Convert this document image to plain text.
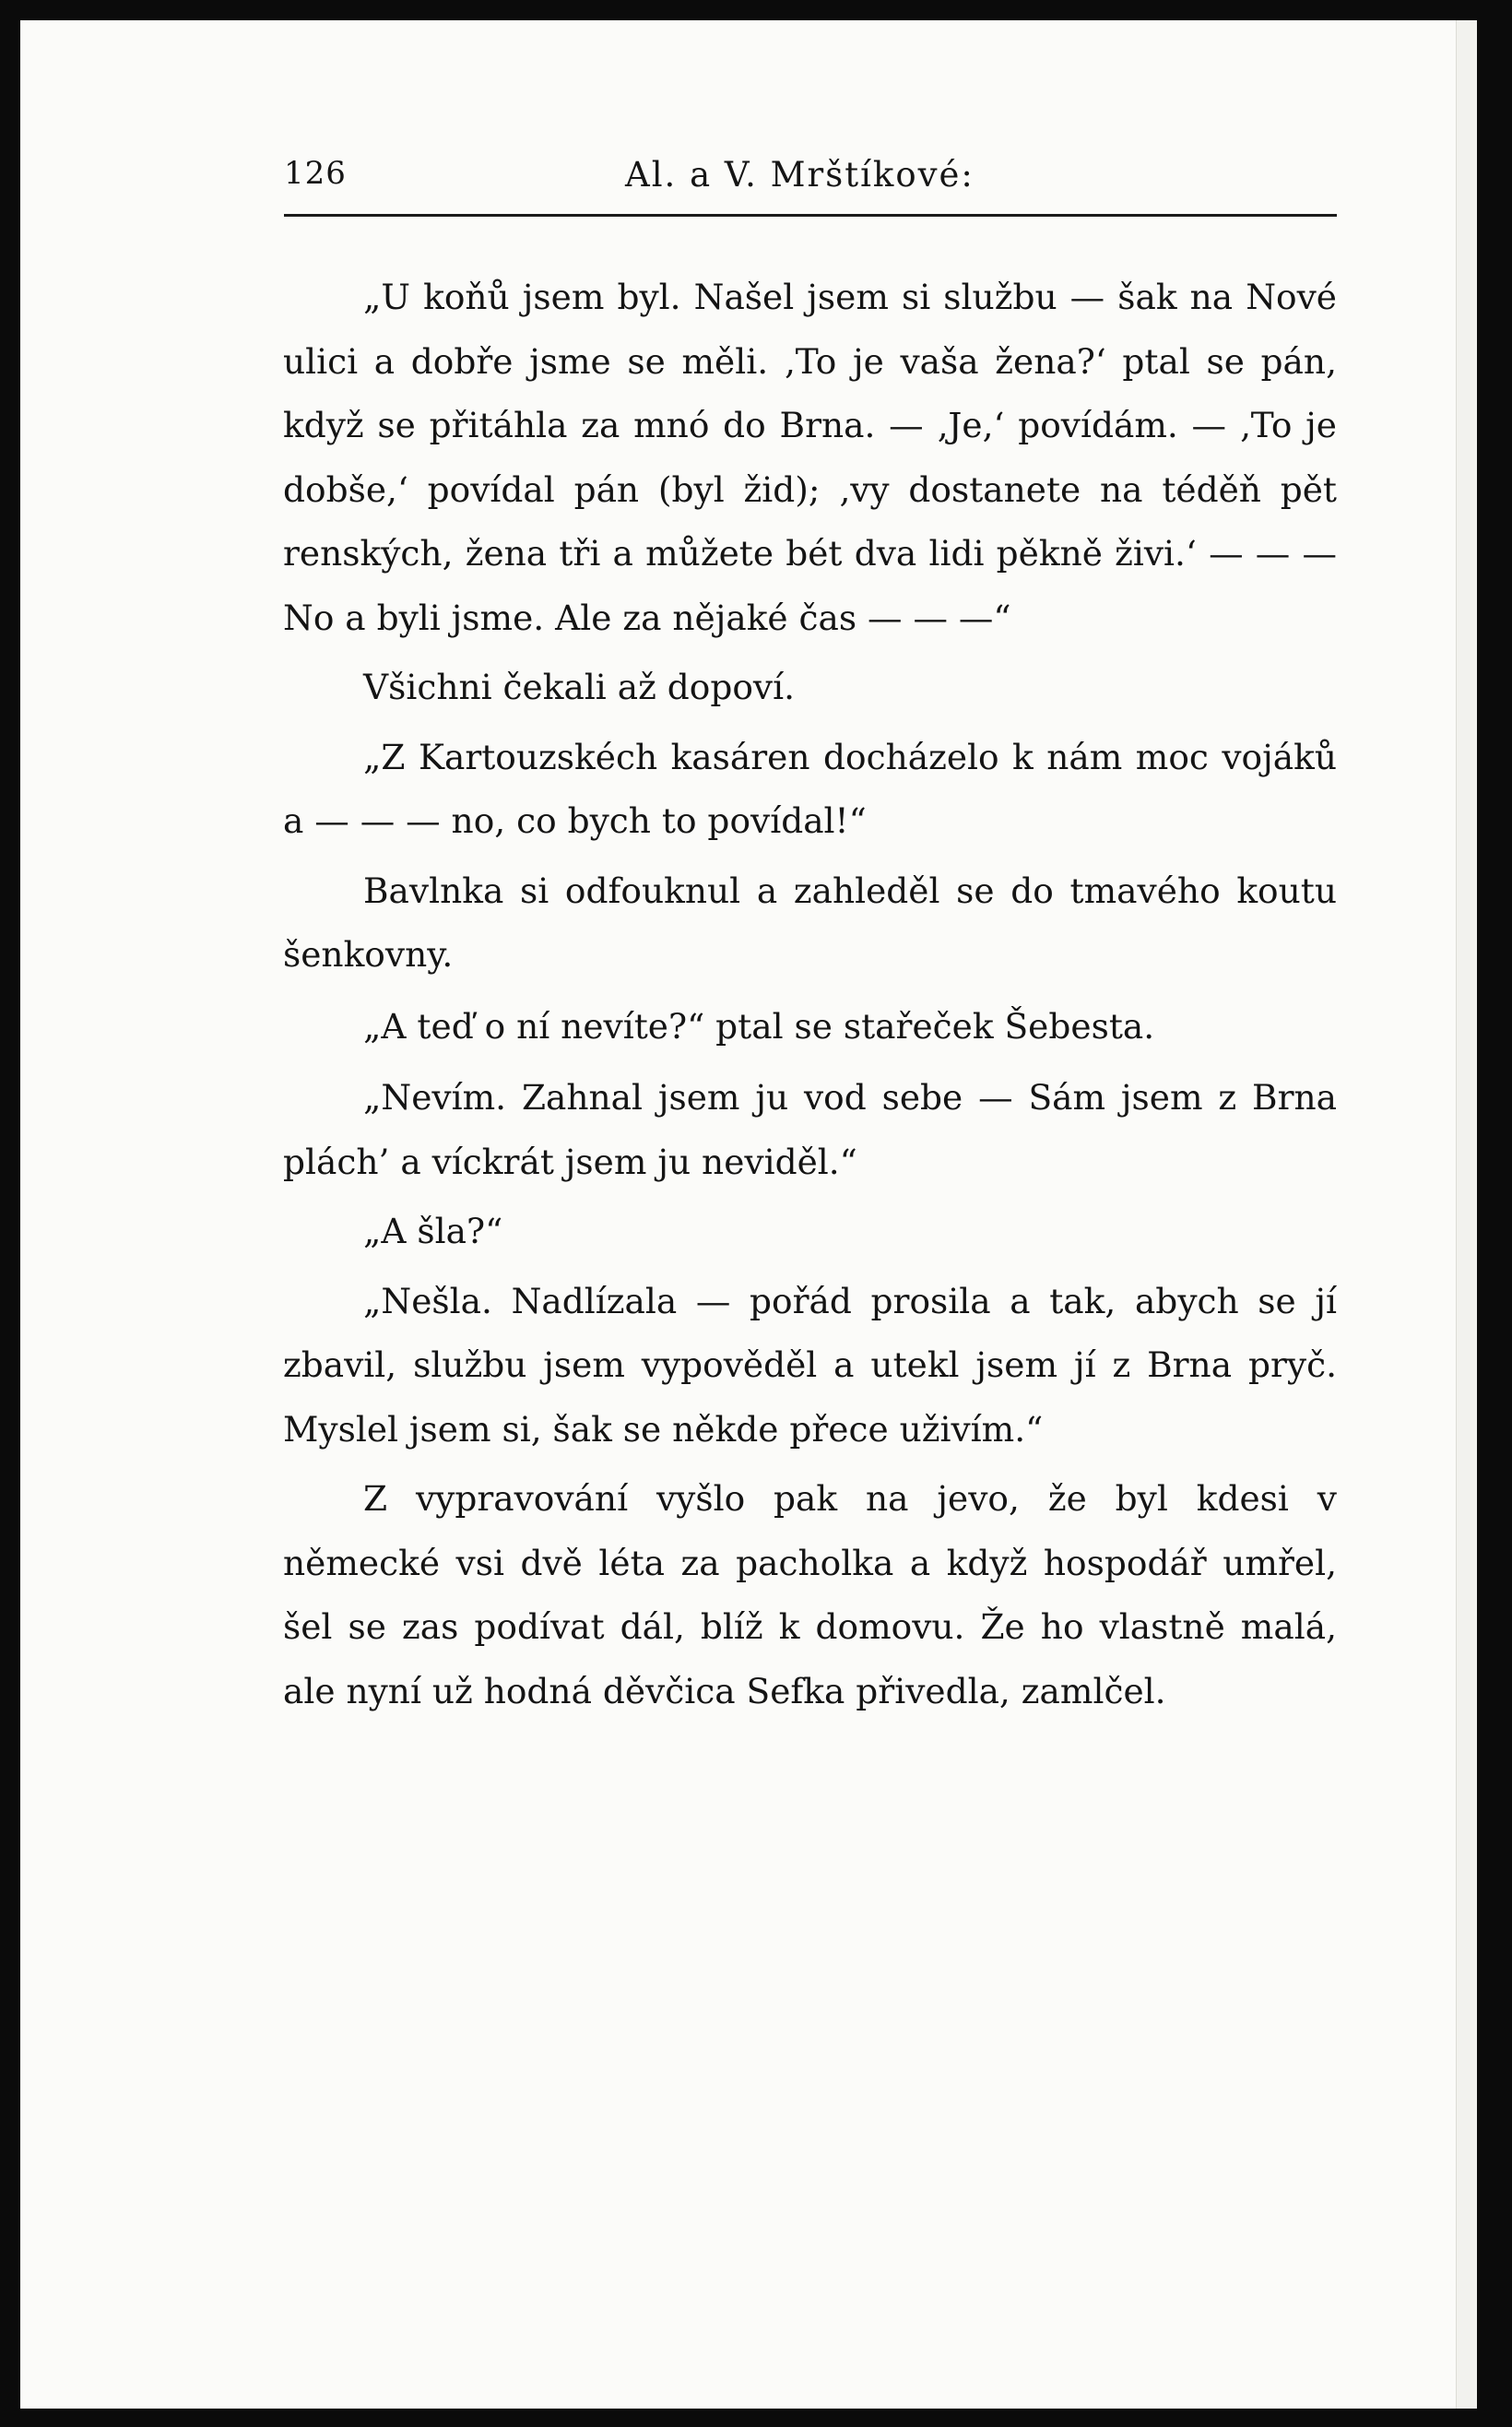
126	Al. a V. Mrštíkové:

„U koňů jsem byl. Našel jsem si službu — šak na Nové ulici a dobře jsme se měli. ‚To je vaša žena?‘ ptal se pán, když se přitáhla za mnó do Brna. — ‚Je,‘ povídám. — ‚To je dobše,‘ povídal pán (byl žid); ‚vy dostanete na téděň pět renských, žena tři a můžete bét dva lidi pěkně živi.‘ — — — No a byli jsme. Ale za nějaké čas — — —“

Všichni čekali až dopoví.

„Z Kartouzskéch kasáren docházelo k nám moc vojáků a — — — no, co bych to povídal!“

Bavlnka si odfouknul a zahleděl se do tmavého koutu šenkovny.

„A teď o ní nevíte?“ ptal se stařeček Šebesta.

„Nevím. Zahnal jsem ju vod sebe — Sám jsem z Brna plách’ a víckrát jsem ju neviděl.“

„A šla?“

„Nešla. Nadlízala — pořád prosila a tak, abych se jí zbavil, službu jsem vypověděl a utekl jsem jí z Brna pryč. Myslel jsem si, šak se někde přece uživím.“

Z vypravování vyšlo pak na jevo, že byl kdesi v německé vsi dvě léta za pacholka a když hospodář umřel, šel se zas podívat dál, blíž k domovu. Že ho vlastně malá, ale nyní už hodná děvčica Sefka přivedla, zamlčel.
